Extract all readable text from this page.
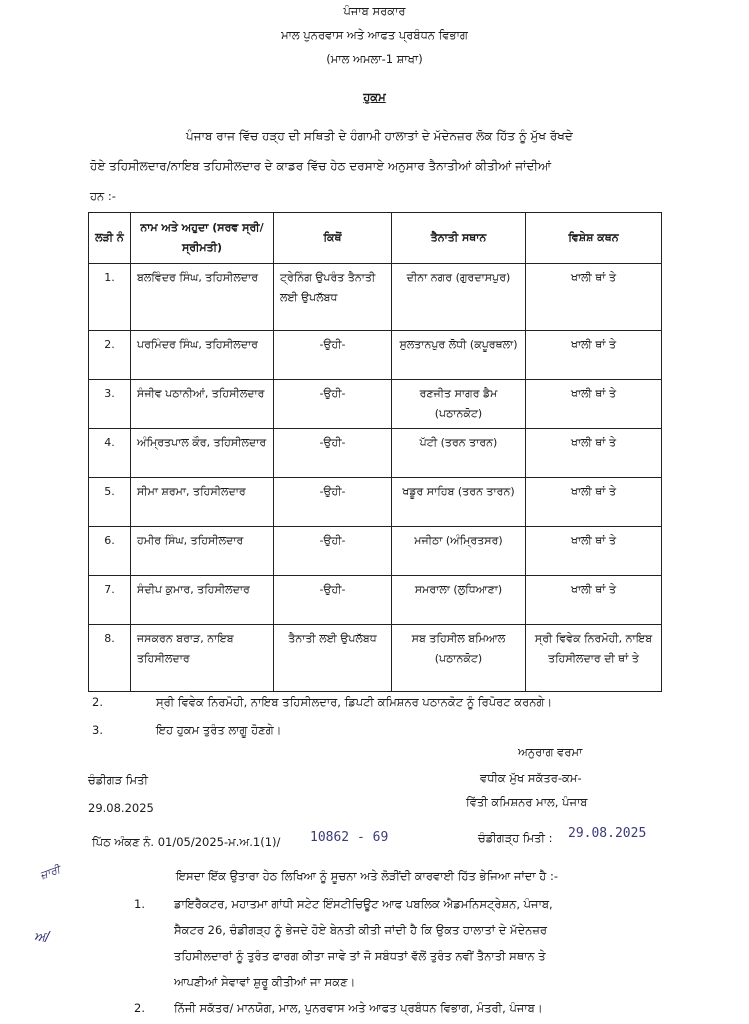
ਪੰਜਾਬ ਸਰਕਾਰ
ਮਾਲ ਪੁਨਰਵਾਸ ਅਤੇ ਆਫਤ ਪ੍ਰਬੰਧਨ ਵਿਭਾਗ
(ਮਾਲ ਅਮਲਾ-1 ਸ਼ਾਖਾ)
ਹੁਕਮ
ਪੰਜਾਬ ਰਾਜ ਵਿੱਚ ਹੜ੍ਹ ਦੀ ਸਥਿਤੀ ਦੇ ਹੰਗਾਮੀ ਹਾਲਾਤਾਂ ਦੇ ਮੱਦੇਨਜ਼ਰ ਲੋਕ ਹਿੱਤ ਨੂੰ ਮੁੱਖ ਰੱਖਦੇ
ਹੋਏ ਤਹਿਸੀਲਦਾਰ/ਨਾਇਬ ਤਹਿਸੀਲਦਾਰ ਦੇ ਕਾਡਰ ਵਿੱਚ ਹੇਠ ਦਰਸਾਏ ਅਨੁਸਾਰ ਤੈਨਾਤੀਆਂ ਕੀਤੀਆਂ ਜਾਂਦੀਆਂ
ਹਨ :-
ਲੜੀ ਨੰ	ਨਾਮ ਅਤੇ ਅਹੁਦਾ (ਸਰਵ ਸ੍ਰੀ/ਸ੍ਰੀਮਤੀ)	ਕਿਥੋਂ	ਤੈਨਾਤੀ ਸਥਾਨ	ਵਿਸ਼ੇਸ਼ ਕਥਨ
1.	ਬਲਵਿੰਦਰ ਸਿੰਘ, ਤਹਿਸੀਲਦਾਰ	ਟ੍ਰੇਨਿੰਗ ਉਪਰੰਤ ਤੈਨਾਤੀ ਲਈ ਉਪਲੱਬਧ	ਦੀਨਾ ਨਗਰ (ਗੁਰਦਾਸਪੁਰ)	ਖਾਲੀ ਥਾਂ ਤੇ
2.	ਪਰਮਿੰਦਰ ਸਿੰਘ, ਤਹਿਸੀਲਦਾਰ	-ਉਹੀ-	ਸੁਲਤਾਨਪੁਰ ਲੋਧੀ (ਕਪੂਰਥਲਾ)	ਖਾਲੀ ਥਾਂ ਤੇ
3.	ਸੰਜੀਵ ਪਠਾਨੀਆਂ, ਤਹਿਸੀਲਦਾਰ	-ਉਹੀ-	ਰਣਜੀਤ ਸਾਗਰ ਡੈਮ (ਪਠਾਨਕੋਟ)	ਖਾਲੀ ਥਾਂ ਤੇ
4.	ਅੰਮ੍ਰਿਤਪਾਲ ਕੌਰ, ਤਹਿਸੀਲਦਾਰ	-ਉਹੀ-	ਪੱਟੀ (ਤਰਨ ਤਾਰਨ)	ਖਾਲੀ ਥਾਂ ਤੇ
5.	ਸੀਮਾ ਸ਼ਰਮਾ, ਤਹਿਸੀਲਦਾਰ	-ਉਹੀ-	ਖਡੂਰ ਸਾਹਿਬ (ਤਰਨ ਤਾਰਨ)	ਖਾਲੀ ਥਾਂ ਤੇ
6.	ਹਮੀਰ ਸਿੰਘ, ਤਹਿਸੀਲਦਾਰ	-ਉਹੀ-	ਮਜੀਠਾ (ਅੰਮ੍ਰਿਤਸਰ)	ਖਾਲੀ ਥਾਂ ਤੇ
7.	ਸੰਦੀਪ ਕੁਮਾਰ, ਤਹਿਸੀਲਦਾਰ	-ਉਹੀ-	ਸਮਰਾਲਾ (ਲੁਧਿਆਣਾ)	ਖਾਲੀ ਥਾਂ ਤੇ
8.	ਜਸਕਰਨ ਬਰਾੜ, ਨਾਇਬ ਤਹਿਸੀਲਦਾਰ	ਤੈਨਾਤੀ ਲਈ ਉਪਲੱਬਧ	ਸਬ ਤਹਿਸੀਲ ਬਮਿਆਲ (ਪਠਾਨਕੋਟ)	ਸ੍ਰੀ ਵਿਵੇਕ ਨਿਰਮੋਹੀ, ਨਾਇਬ ਤਹਿਸੀਲਦਾਰ ਦੀ ਥਾਂ ਤੇ
2.	ਸ੍ਰੀ ਵਿਵੇਕ ਨਿਰਮੋਹੀ, ਨਾਇਬ ਤਹਿਸੀਲਦਾਰ, ਡਿਪਟੀ ਕਮਿਸ਼ਨਰ ਪਠਾਨਕੋਟ ਨੂੰ ਰਿਪੋਰਟ ਕਰਨਗੇ।
3.	ਇਹ ਹੁਕਮ ਤੁਰੰਤ ਲਾਗੂ ਹੋਣਗੇ।
ਅਨੁਰਾਗ ਵਰਮਾ
ਵਧੀਕ ਮੁੱਖ ਸਕੱਤਰ-ਕਮ-
ਵਿੱਤੀ ਕਮਿਸ਼ਨਰ ਮਾਲ, ਪੰਜਾਬ
ਚੰਡੀਗੜ ਮਿਤੀ
29.08.2025
ਪਿੱਠ ਅੰਕਣ ਨੰ. 01/05/2025-ਮ.ਅ.1(1)/ 10862 - 69	ਚੰਡੀਗੜ੍ਹ ਮਿਤੀ : 29.08.2025
ਜ਼ਾਰੀ
ਅ/
ਇਸਦਾ ਇੱਕ ਉਤਾਰਾ ਹੇਠ ਲਿਖਿਆ ਨੂੰ ਸੂਚਨਾ ਅਤੇ ਲੋੜੀਂਦੀ ਕਾਰਵਾਈ ਹਿੱਤ ਭੇਜਿਆ ਜਾਂਦਾ ਹੈ :-
1.	ਡਾਇਰੈਕਟਰ, ਮਹਾਤਮਾ ਗਾਂਧੀ ਸਟੇਟ ਇੰਸਟੀਚਿਊਟ ਆਫ ਪਬਲਿਕ ਐਡਮਨਿਸਟ੍ਰੇਸ਼ਨ, ਪੰਜਾਬ,
ਸੈਕਟਰ 26, ਚੰਡੀਗੜ੍ਹ ਨੂੰ ਭੇਜਦੇ ਹੋਏ ਬੇਨਤੀ ਕੀਤੀ ਜਾਂਦੀ ਹੈ ਕਿ ਉਕਤ ਹਾਲਾਤਾਂ ਦੇ ਮੱਦੇਨਜ਼ਰ
ਤਹਿਸੀਲਦਾਰਾਂ ਨੂੰ ਤੁਰੰਤ ਫਾਰਗ ਕੀਤਾ ਜਾਵੇ ਤਾਂ ਜੋ ਸਬੰਧਤਾਂ ਵੱਲੋਂ ਤੁਰੰਤ ਨਵੀਂ ਤੈਨਾਤੀ ਸਥਾਨ ਤੇ
ਆਪਣੀਆਂ ਸੇਵਾਵਾਂ ਸ਼ੁਰੂ ਕੀਤੀਆਂ ਜਾ ਸਕਣ।
2.	ਨਿੱਜੀ ਸਕੱਤਰ/ ਮਾਨਯੋਗ, ਮਾਲ, ਪੁਨਰਵਾਸ ਅਤੇ ਆਫਤ ਪ੍ਰਬੰਧਨ ਵਿਭਾਗ, ਮੰਤਰੀ, ਪੰਜਾਬ।
